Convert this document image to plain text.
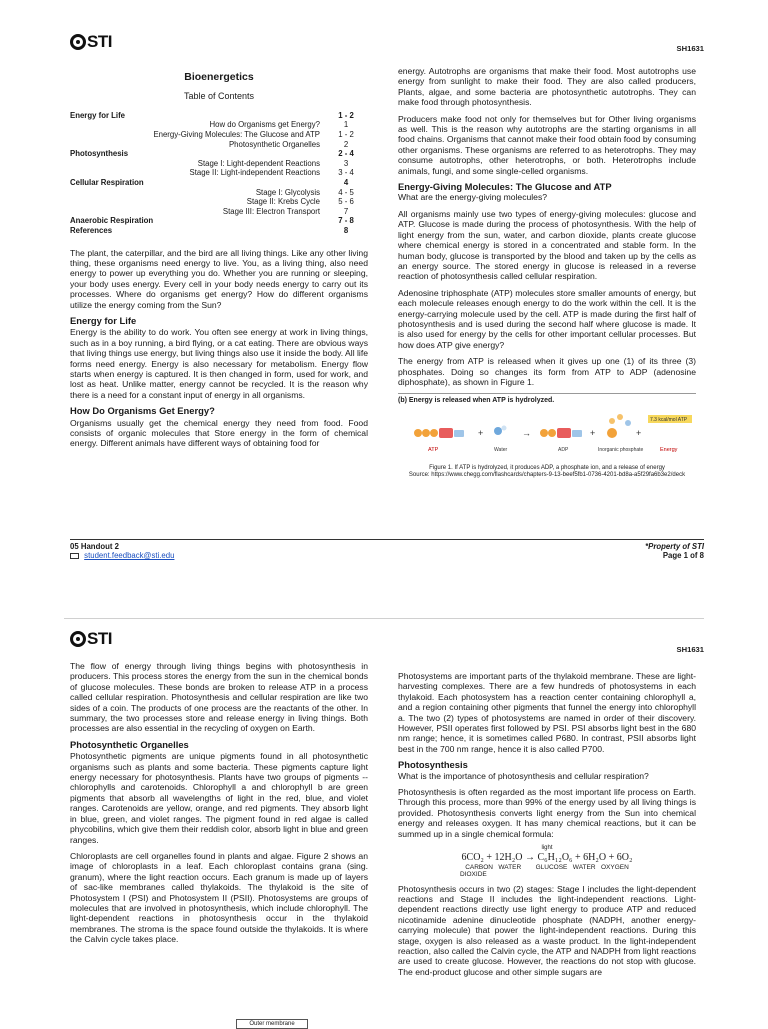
STI	SH1631
Bioenergetics
Table of Contents
Energy for Life	1 - 2
How do Organisms get Energy?	1
Energy-Giving Molecules: The Glucose and ATP	1 - 2
Photosynthetic Organelles	2
Photosynthesis	2 - 4
Stage I: Light-dependent Reactions	3
Stage II: Light-independent Reactions	3 - 4
Cellular Respiration	4
Stage I: Glycolysis	4 - 5
Stage II: Krebs Cycle	5 - 6
Stage III: Electron Transport	7
Anaerobic Respiration	7 - 8
References	8

The plant, the caterpillar, and the bird are all living things. Like any other living thing, these organisms need energy to live. You, as a living thing, also need energy to power up everything you do. Whether you are running or sleeping, your body uses energy. Every cell in your body needs energy to carry out its processes. Where do organisms get energy? How do different organisms utilize the energy coming from the Sun?

Energy for Life

Energy is the ability to do work. You often see energy at work in living things, such as in a boy running, a bird flying, or a cat eating. There are obvious ways that living things use energy, but living things also use it inside the body. All life forms need energy. Energy is also necessary for metabolism. Energy flow starts when energy is captured. It is then changed in form, used for work, and lost as heat. Unlike matter, energy cannot be recycled. It is the reason why there is a need for a constant input of energy in all organisms.

How Do Organisms Get Energy?

Organisms usually get the chemical energy they need from food. Food consists of organic molecules that Store energy in the form of chemical energy. Different animals have different ways of obtaining food for

energy. Autotrophs are organisms that make their food. Most autotrophs use energy from sunlight to make their food. They are also called producers, Plants, algae, and some bacteria are photosynthetic autotrophs. They can make food through photosynthesis.

Producers make food not only for themselves but for Other living organisms as well. This is the reason why autotrophs are the starting organisms in all food chains. Organisms that cannot make their food obtain food by consuming other organisms. These organisms are referred to as heterotrophs. They may consume autotrophs, other heterotrophs, or both. Heterotrophs include animals, fungi, and some single-celled organisms.

Energy-Giving Molecules: The Glucose and ATP

What are the energy-giving molecules?

All organisms mainly use two types of energy-giving molecules: glucose and ATP. Glucose is made during the process of photosynthesis. With the help of light energy from the sun, water, and carbon dioxide, plants create glucose where chemical energy is stored in a concentrated and stable form. In the human body, glucose is transported by the blood and taken up by the cells as an energy source. The stored energy in glucose is released in a reverse reaction of photosynthesis called cellular respiration.

Adenosine triphosphate (ATP) molecules store smaller amounts of energy, but each molecule releases enough energy to do the work within the cell. It is the energy-carrying molecule used by the cell. ATP is made during the first half of photosynthesis and is used during the second half where glucose is made. It is also used for energy by the cells for other important cellular processes. But how does ATP give energy?

The energy from ATP is released when it gives up one (1) of its three (3) phosphates. Doing so changes its form from ATP to ADP (adenosine diphosphate), as shown in Figure 1.

(b) Energy is released when ATP is hydrolyzed.
+	→	+	+
7.3 kcal/mol ATP
ATP	Water	ADP	Inorganic phosphate	Energy
Figure 1. If ATP is hydrolyzed, it produces ADP, a phosphate ion, and a release of energy
Source: https://www.chegg.com/flashcards/chapters-9-13-beef5fb1-0736-4201-bd8a-a5f29fa6b3e2/deck
05 Handout 2
student.feedback@sti.edu
*Property of STI
Page 1 of 8
STI
SH1631

The flow of energy through living things begins with photosynthesis in producers. This process stores the energy from the sun in the chemical bonds of glucose molecules. These bonds are broken to release ATP in a process called cellular respiration. Photosynthesis and cellular respiration are like two sides of a coin. The products of one process are the reactants of the other. In summary, the two processes store and release energy in living things. Both processes are also essential in the recycling of oxygen on Earth.

Photosynthetic Organelles

Photosynthetic pigments are unique pigments found in all photosynthetic organisms such as plants and some bacteria. These pigments capture light energy necessary for photosynthesis. Plants have two groups of pigments -- chlorophylls and carotenoids. Chlorophyll a and chlorophyll b are green pigments that absorb all wavelengths of light in the red, blue, and violet ranges. Carotenoids are yellow, orange, and red pigments. They absorb light in blue, green, and violet ranges. The pigment found in red algae is called phycobilins, which give them their reddish color, absorb light in blue and green ranges.

Chloroplasts are cell organelles found in plants and algae. Figure 2 shows an image of chloroplasts in a leaf. Each chloroplast contains grana (sing. granum), where the light reaction occurs. Each granum is made up of layers of sac-like membranes called thylakoids. The thylakoid is the site of Photosystem I (PSI) and Photosystem II (PSII). Photosystems are groups of molecules that are involved in photosynthesis, which include chlorophyll. The light-dependent reactions in photosynthesis occur in the thylakoid membranes. The stroma is the space found outside the thylakoids. It is where the Calvin cycle takes place.

Outer membrane

Photosystems are important parts of the thylakoid membrane. These are light-harvesting complexes. There are a few hundreds of photosystems in each thylakoid. Each photosystem has a reaction center containing chlorophyll a, and a region containing other pigments that funnel the energy into chlorophyll a. The two (2) types of photosystems are named in order of their discovery. However, PSII operates first followed by PSI. PSI absorbs light best in the 680 nm range; hence, it is sometimes called P680. In contrast, PSII absorbs light best in the 700 nm range, hence it is also called P700.

Photosynthesis

What is the importance of photosynthesis and cellular respiration?

Photosynthesis is often regarded as the most important life process on Earth. Through this process, more than 99% of the energy used by all living things is provided. Photosynthesis converts light energy from the Sun into chemical energy and releases oxygen. It has many chemical reactions, but it can be summed up in a single chemical formula:

light
6CO₂ + 12H₂O → C₆H₁₂O₆ + 6H₂O + 6O₂
CARBON   WATER        GLUCOSE   WATER   OXYGEN
DIOXIDE

Photosynthesis occurs in two (2) stages: Stage I includes the light-dependent reactions and Stage II includes the light-independent reactions. Light-dependent reactions directly use light energy to produce ATP and reduced nicotinamide adenine dinucleotide phosphate (NADPH, another energy-carrying molecule) that power the light-independent reactions. During this stage, oxygen is also released as a waste product. In the light-independent reaction, also called the Calvin cycle, the ATP and NADPH from light reactions are used to create glucose. However, the reactions do not stop with glucose. The end-product glucose and other simple sugars are
